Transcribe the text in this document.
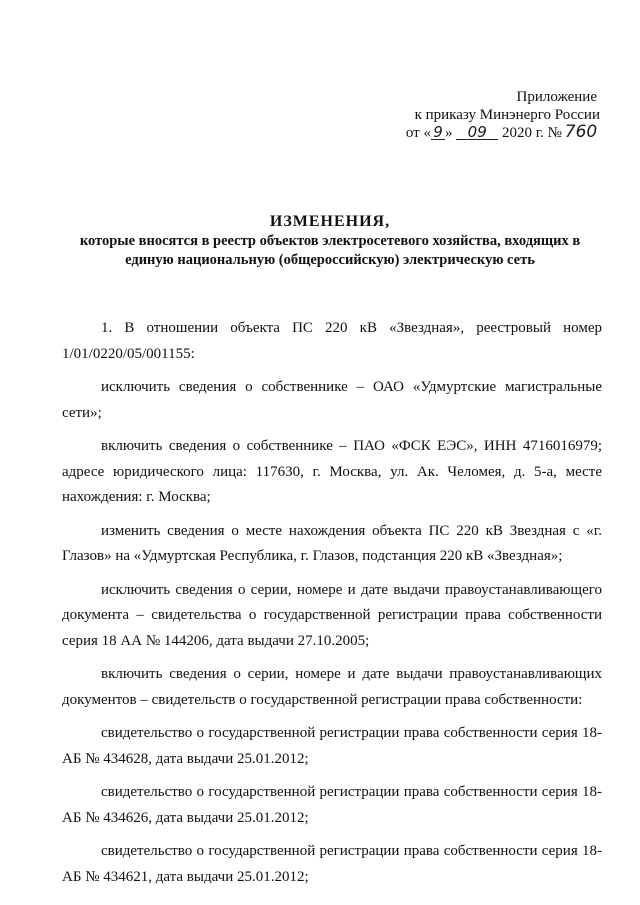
Приложение
к приказу Минэнерго России
от « 9 » 09 2020 г. № 760
ИЗМЕНЕНИЯ,
которые вносятся в реестр объектов электросетевого хозяйства, входящих в
единую национальную (общероссийскую) электрическую сеть

1. В отношении объекта ПС 220 кВ «Звездная», реестровый номер 1/01/0220/05/001155:

исключить сведения о собственнике – ОАО «Удмуртские магистральные сети»;

включить сведения о собственнике – ПАО «ФСК ЕЭС», ИНН 4716016979; адресе юридического лица: 117630, г. Москва, ул. Ак. Челомея, д. 5-а, месте нахождения: г. Москва;

изменить сведения о месте нахождения объекта ПС 220 кВ Звездная с «г. Глазов» на «Удмуртская Республика, г. Глазов, подстанция 220 кВ «Звездная»;

исключить сведения о серии, номере и дате выдачи правоустанавливающего документа – свидетельства о государственной регистрации права собственности серия 18 АА № 144206, дата выдачи 27.10.2005;

включить сведения о серии, номере и дате выдачи правоустанавливающих документов – свидетельств о государственной регистрации права собственности:

свидетельство о государственной регистрации права собственности серия 18-АБ № 434628, дата выдачи 25.01.2012;

свидетельство о государственной регистрации права собственности серия 18-АБ № 434626, дата выдачи 25.01.2012;

свидетельство о государственной регистрации права собственности серия 18-АБ № 434621, дата выдачи 25.01.2012;
